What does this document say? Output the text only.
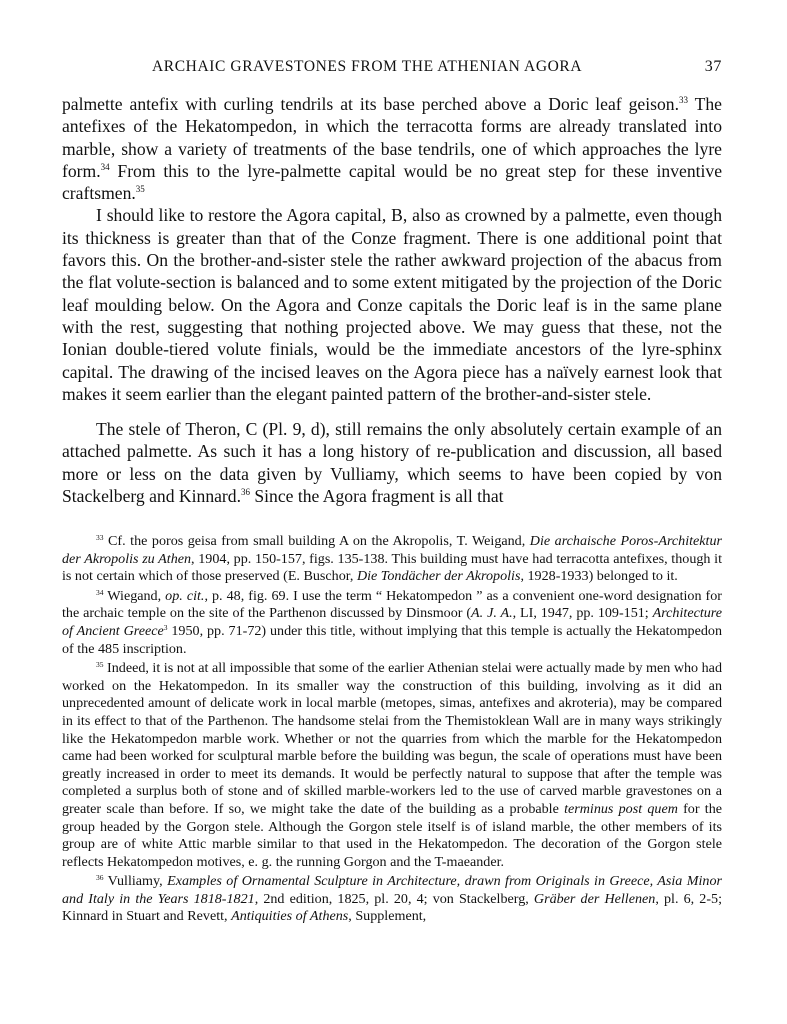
ARCHAIC GRAVESTONES FROM THE ATHENIAN AGORA	37

palmette antefix with curling tendrils at its base perched above a Doric leaf geison.$^{33}$ The antefixes of the Hekatompedon, in which the terracotta forms are already translated into marble, show a variety of treatments of the base tendrils, one of which approaches the lyre form.$^{34}$ From this to the lyre-palmette capital would be no great step for these inventive craftsmen.$^{35}$

I should like to restore the Agora capital, B, also as crowned by a palmette, even though its thickness is greater than that of the Conze fragment. There is one additional point that favors this. On the brother-and-sister stele the rather awkward projection of the abacus from the flat volute-section is balanced and to some extent mitigated by the projection of the Doric leaf moulding below. On the Agora and Conze capitals the Doric leaf is in the same plane with the rest, suggesting that nothing projected above. We may guess that these, not the Ionian double-tiered volute finials, would be the immediate ancestors of the lyre-sphinx capital. The drawing of the incised leaves on the Agora piece has a naïvely earnest look that makes it seem earlier than the elegant painted pattern of the brother-and-sister stele.

The stele of Theron, C (Pl. 9, d), still remains the only absolutely certain example of an attached palmette. As such it has a long history of re-publication and discussion, all based more or less on the data given by Vulliamy, which seems to have been copied by von Stackelberg and Kinnard.$^{36}$ Since the Agora fragment is all that

$^{33}$ Cf. the poros geisa from small building A on the Akropolis, T. Weigand, Die archaische Poros-Architektur der Akropolis zu Athen, 1904, pp. 150-157, figs. 135-138. This building must have had terracotta antefixes, though it is not certain which of those preserved (E. Buschor, Die Tondächer der Akropolis, 1928-1933) belonged to it.

$^{34}$ Wiegand, op. cit., p. 48, fig. 69. I use the term “ Hekatompedon ” as a convenient one-word designation for the archaic temple on the site of the Parthenon discussed by Dinsmoor (A. J. A., LI, 1947, pp. 109-151; Architecture of Ancient Greece$^3$ 1950, pp. 71-72) under this title, without implying that this temple is actually the Hekatompedon of the 485 inscription.

$^{35}$ Indeed, it is not at all impossible that some of the earlier Athenian stelai were actually made by men who had worked on the Hekatompedon. In its smaller way the construction of this building, involving as it did an unprecedented amount of delicate work in local marble (metopes, simas, antefixes and akroteria), may be compared in its effect to that of the Parthenon. The handsome stelai from the Themistoklean Wall are in many ways strikingly like the Hekatompedon marble work. Whether or not the quarries from which the marble for the Hekatompedon came had been worked for sculptural marble before the building was begun, the scale of operations must have been greatly increased in order to meet its demands. It would be perfectly natural to suppose that after the temple was completed a surplus both of stone and of skilled marble-workers led to the use of carved marble gravestones on a greater scale than before. If so, we might take the date of the building as a probable terminus post quem for the group headed by the Gorgon stele. Although the Gorgon stele itself is of island marble, the other members of its group are of white Attic marble similar to that used in the Hekatompedon. The decoration of the Gorgon stele reflects Hekatompedon motives, e. g. the running Gorgon and the T-maeander.

$^{36}$ Vulliamy, Examples of Ornamental Sculpture in Architecture, drawn from Originals in Greece, Asia Minor and Italy in the Years 1818-1821, 2nd edition, 1825, pl. 20, 4; von Stackelberg, Gräber der Hellenen, pl. 6, 2-5; Kinnard in Stuart and Revett, Antiquities of Athens, Supplement,
